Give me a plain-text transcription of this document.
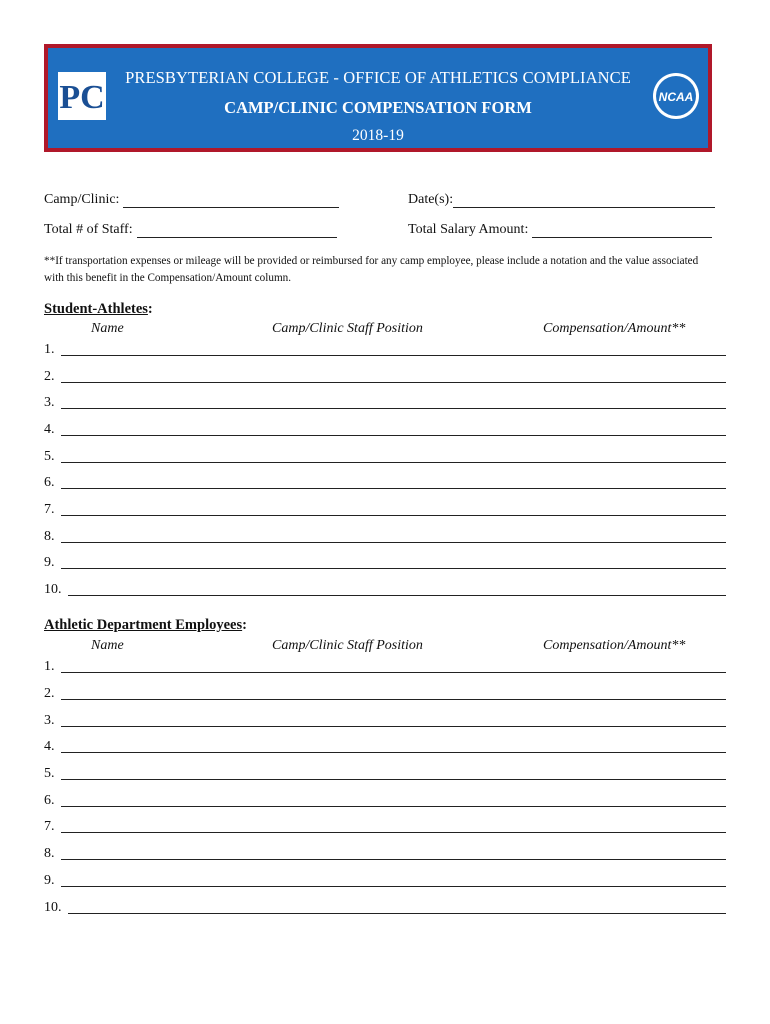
PC
PRESBYTERIAN COLLEGE - OFFICE OF ATHLETICS COMPLIANCE
CAMP/CLINIC COMPENSATION FORM
2018-19
NCAA
Camp/Clinic:	Date(s):
Total # of Staff:	Total Salary Amount:
**If transportation expenses or mileage will be provided or reimbursed for any camp employee, please include a notation and the value associated with this benefit in the Compensation/Amount column.
Student-Athletes:
Name	Camp/Clinic Staff Position	Compensation/Amount**
1.
2.
3.
4.
5.
6.
7.
8.
9.
10.
Athletic Department Employees:
Name	Camp/Clinic Staff Position	Compensation/Amount**
1.
2.
3.
4.
5.
6.
7.
8.
9.
10.
